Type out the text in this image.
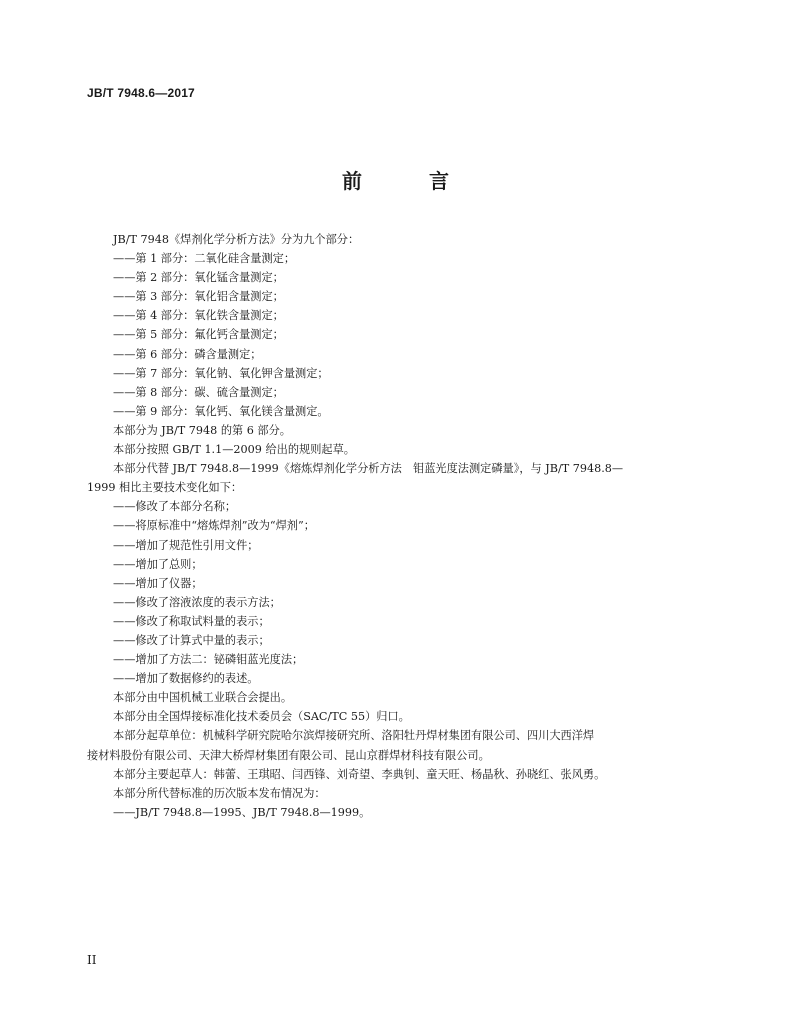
JB/T 7948.6—2017
前 言
JB/T 7948《焊剂化学分析方法》分为九个部分：
——第 1 部分：二氧化硅含量测定；
——第 2 部分：氧化锰含量测定；
——第 3 部分：氧化铝含量测定；
——第 4 部分：氧化铁含量测定；
——第 5 部分：氟化钙含量测定；
——第 6 部分：磷含量测定；
——第 7 部分：氧化钠、氧化钾含量测定；
——第 8 部分：碳、硫含量测定；
——第 9 部分：氧化钙、氧化镁含量测定。
本部分为 JB/T 7948 的第 6 部分。
本部分按照 GB/T 1.1—2009 给出的规则起草。
本部分代替 JB/T 7948.8—1999《熔炼焊剂化学分析方法　钼蓝光度法测定磷量》，与 JB/T 7948.8—
1999 相比主要技术变化如下：
——修改了本部分名称；
——将原标准中“熔炼焊剂”改为“焊剂”；
——增加了规范性引用文件；
——增加了总则；
——增加了仪器；
——修改了溶液浓度的表示方法；
——修改了称取试料量的表示；
——修改了计算式中量的表示；
——增加了方法二：铋磷钼蓝光度法；
——增加了数据修约的表述。
本部分由中国机械工业联合会提出。
本部分由全国焊接标准化技术委员会（SAC/TC 55）归口。
本部分起草单位：机械科学研究院哈尔滨焊接研究所、洛阳牡丹焊材集团有限公司、四川大西洋焊
接材料股份有限公司、天津大桥焊材集团有限公司、昆山京群焊材科技有限公司。
本部分主要起草人：韩蕾、王琪昭、闫西锋、刘奇望、李典钊、童天旺、杨晶秋、孙晓红、张风勇。
本部分所代替标准的历次版本发布情况为：
——JB/T 7948.8—1995、JB/T 7948.8—1999。
II
